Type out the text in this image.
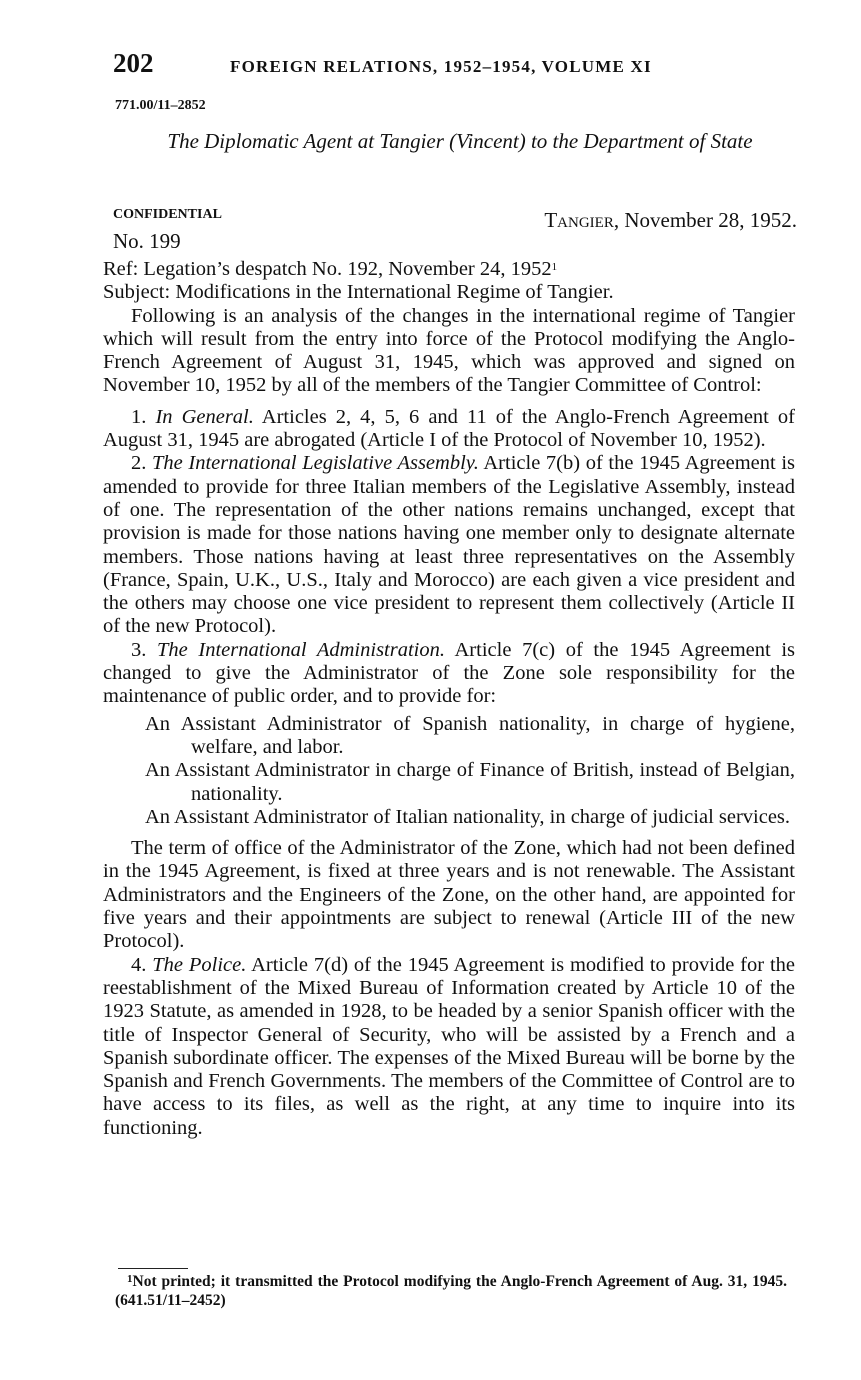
202	FOREIGN RELATIONS, 1952–1954, VOLUME XI
771.00/11–2852
The Diplomatic Agent at Tangier (Vincent) to the Department of State
CONFIDENTIAL	Tangier, November 28, 1952.
No. 199

Ref: Legation’s despatch No. 192, November 24, 1952$^1$

Subject: Modifications in the International Regime of Tangier.

Following is an analysis of the changes in the international regime of Tangier which will result from the entry into force of the Protocol modifying the Anglo-French Agreement of August 31, 1945, which was approved and signed on November 10, 1952 by all of the members of the Tangier Committee of Control:

1. In General. Articles 2, 4, 5, 6 and 11 of the Anglo-French Agreement of August 31, 1945 are abrogated (Article I of the Protocol of November 10, 1952).

2. The International Legislative Assembly. Article 7(b) of the 1945 Agreement is amended to provide for three Italian members of the Legislative Assembly, instead of one. The representation of the other nations remains unchanged, except that provision is made for those nations having one member only to designate alternate members. Those nations having at least three representatives on the Assembly (France, Spain, U.K., U.S., Italy and Morocco) are each given a vice president and the others may choose one vice president to represent them collectively (Article II of the new Protocol).

3. The International Administration. Article 7(c) of the 1945 Agreement is changed to give the Administrator of the Zone sole responsibility for the maintenance of public order, and to provide for:

An Assistant Administrator of Spanish nationality, in charge of hygiene, welfare, and labor.
An Assistant Administrator in charge of Finance of British, instead of Belgian, nationality.
An Assistant Administrator of Italian nationality, in charge of judicial services.

The term of office of the Administrator of the Zone, which had not been defined in the 1945 Agreement, is fixed at three years and is not renewable. The Assistant Administrators and the Engineers of the Zone, on the other hand, are appointed for five years and their appointments are subject to renewal (Article III of the new Protocol).

4. The Police. Article 7(d) of the 1945 Agreement is modified to provide for the reestablishment of the Mixed Bureau of Information created by Article 10 of the 1923 Statute, as amended in 1928, to be headed by a senior Spanish officer with the title of Inspector General of Security, who will be assisted by a French and a Spanish subordinate officer. The expenses of the Mixed Bureau will be borne by the Spanish and French Governments. The members of the Committee of Control are to have access to its files, as well as the right, at any time to inquire into its functioning.

$^1$Not printed; it transmitted the Protocol modifying the Anglo-French Agreement of Aug. 31, 1945. (641.51/11–2452)
